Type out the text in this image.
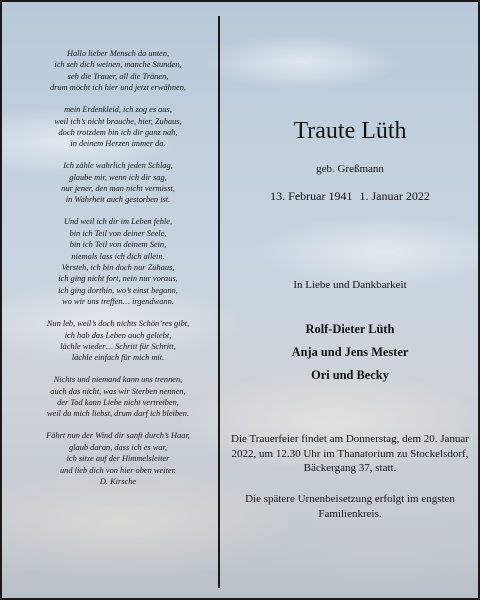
Hallo lieber Mensch da unten,
ich seh dich weinen, manche Stunden,
seh die Trauer, all die Tränen,
drum möcht ich hier und jetzt erwähnen,
mein Erdenkleid, ich zog es aus,
weil ich’s nicht brauche, hier, Zuhaus,
doch trotzdem bin ich dir ganz nah,
in deinem Herzen immer da.
Ich zähle wahrlich jeden Schlag,
glaube mir, wenn ich dir sag,
nur jener, den man nicht vermisst,
in Wahrheit auch gestorben ist.
Und weil ich dir im Leben fehle,
bin ich Teil von deiner Seele,
bin ich Teil von deinem Sein,
niemals lass ich dich allein.
Versteh, ich bin doch nur Zuhaus,
ich ging nicht fort, nein nur voraus,
ich ging dorthin, wo’s einst begann,
wo wir uns treffen… irgendwann.
Nun leb, weil’s doch nichts Schön’res gibt,
ich hab das Leben auch geliebt,
lächle wieder… Schritt für Schritt,
lächle einfach für mich mit.
Nichts und niemand kann uns trennen,
auch das nicht, was wir Sterben nennen,
der Tod kann Liebe nicht vertreiben,
weil du mich liebst, drum darf ich bleiben.
Fährt nun der Wind dir sanft durch’s Haar,
glaub daran, dass ich es war,
ich sitze auf der Himmelsleiter
und lieb dich von hier oben weiter.
D. Kirsche
Traute Lüth
geb. Greßmann
13. Februar 1941 1. Januar 2022
In Liebe und Dankbarkeit
Rolf-Dieter Lüth
Anja und Jens Mester
Ori und Becky
Die Trauerfeier findet am Donnerstag, dem 20. Januar 2022, um 12.30 Uhr im Thanatorium zu Stockelsdorf, Bäckergang 37, statt.
Die spätere Urnenbeisetzung erfolgt im engsten Familienkreis.
